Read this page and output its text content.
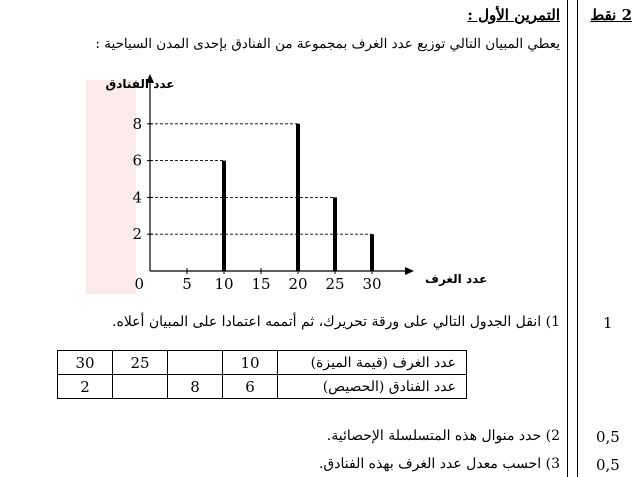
2 نقط
التمرين الأول :
يعطي المبيان التالي توزيع عدد الغرف بمجموعة من الفنادق بإحدى المدن السياحية :
0	5 10 15 20 25 30
2
4
6
8
عدد الفنادق
عدد الغرف
1) انقل الجدول التالي على ورقة تحريرك، ثم أتممه اعتمادا على المبيان أعلاه.	1
30	25		10	عدد الغرف (قيمة الميزة)
2		8	6	عدد الفنادق (الحصيص)
2) حدد منوال هذه المتسلسلة الإحصائية.	0,5
3) احسب معدل عدد الغرف بهذه الفنادق.	0,5
